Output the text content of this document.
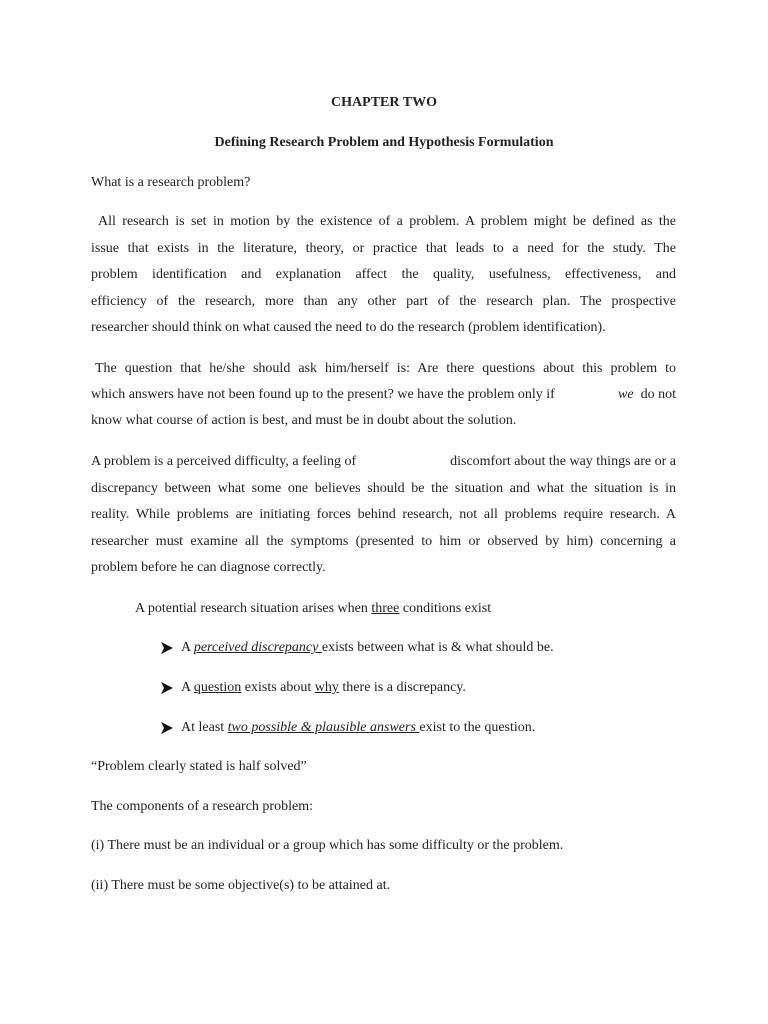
CHAPTER TWO
Defining Research Problem and Hypothesis Formulation
What is a research problem?
All research is set in motion by the existence of a problem. A problem might be defined as the
issue that exists in the literature, theory, or practice that leads to a need for the study. The
problem identification and explanation affect the quality, usefulness, effectiveness, and
efficiency of the research, more than any other part of the research plan. The prospective
researcher should think on what caused the need to do the research (problem identification).
The question that he/she should ask him/herself is: Are there questions about this problem to
which answers have not been found up to the present? we have the problem only if	we do not
know what course of action is best, and must be in doubt about the solution.
A problem is a perceived difficulty, a feeling of	discomfort about the way things are or a
discrepancy between what some one believes should be the situation and what the situation is in
reality. While problems are initiating forces behind research, not all problems require research. A
researcher must examine all the symptoms (presented to him or observed by him) concerning a
problem before he can diagnose correctly.
A potential research situation arises when three conditions exist
A perceived discrepancy exists between what is & what should be.
A question exists about why there is a discrepancy.
At least two possible & plausible answers exist to the question.
“Problem clearly stated is half solved”
The components of a research problem:
(i) There must be an individual or a group which has some difficulty or the problem.
(ii) There must be some objective(s) to be attained at.
